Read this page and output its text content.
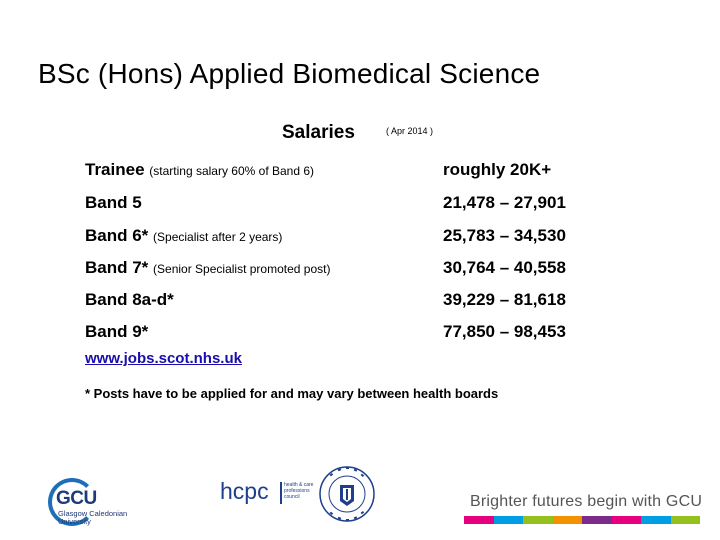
BSc (Hons) Applied Biomedical Science
Salaries	( Apr 2014 )
Trainee (starting salary 60% of Band 6)	roughly 20K+
Band 5	21,478 – 27,901
Band 6* (Specialist after 2 years)	25,783 – 34,530
Band 7* (Senior Specialist promoted post)	30,764 – 40,558
Band 8a-d*	39,229 – 81,618
Band 9*	77,850 – 98,453
www.jobs.scot.nhs.uk
* Posts have to be applied for and may vary between health boards
GCU
Glasgow Caledonian
University
hcpc	health & care professions council	Brighter futures begin with GCU
